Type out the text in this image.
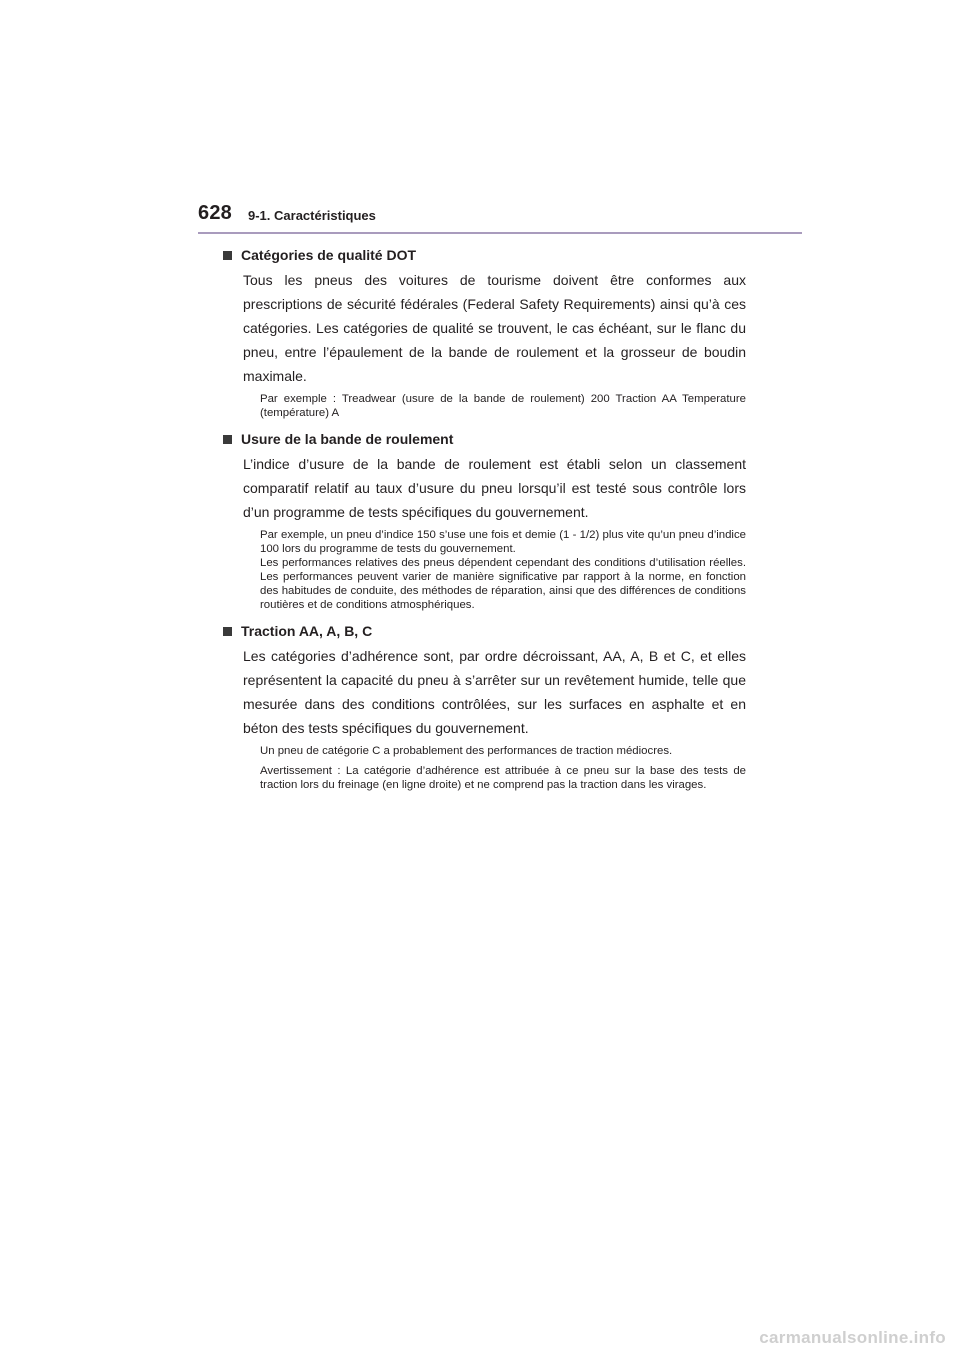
628 9-1. Caractéristiques
Catégories de qualité DOT

Tous les pneus des voitures de tourisme doivent être conformes aux prescriptions de sécurité fédérales (Federal Safety Requirements) ainsi qu’à ces catégories. Les catégories de qualité se trouvent, le cas échéant, sur le flanc du pneu, entre l’épaulement de la bande de roulement et la grosseur de boudin maximale.

Par exemple : Treadwear (usure de la bande de roulement) 200 Traction AA Temperature (température) A

Usure de la bande de roulement

L’indice d’usure de la bande de roulement est établi selon un classement comparatif relatif au taux d’usure du pneu lorsqu’il est testé sous contrôle lors d’un programme de tests spécifiques du gouvernement.

Par exemple, un pneu d’indice 150 s’use une fois et demie (1 - 1/2) plus vite qu’un pneu d’indice 100 lors du programme de tests du gouvernement.

Les performances relatives des pneus dépendent cependant des conditions d’utilisation réelles. Les performances peuvent varier de manière significative par rapport à la norme, en fonction des habitudes de conduite, des méthodes de réparation, ainsi que des différences de conditions routières et de conditions atmosphériques.

Traction AA, A, B, C

Les catégories d’adhérence sont, par ordre décroissant, AA, A, B et C, et elles représentent la capacité du pneu à s’arrêter sur un revêtement humide, telle que mesurée dans des conditions contrôlées, sur les surfaces en asphalte et en béton des tests spécifiques du gouvernement.

Un pneu de catégorie C a probablement des performances de traction médiocres.

Avertissement : La catégorie d’adhérence est attribuée à ce pneu sur la base des tests de traction lors du freinage (en ligne droite) et ne comprend pas la traction dans les virages.

carmanualsonline.info
